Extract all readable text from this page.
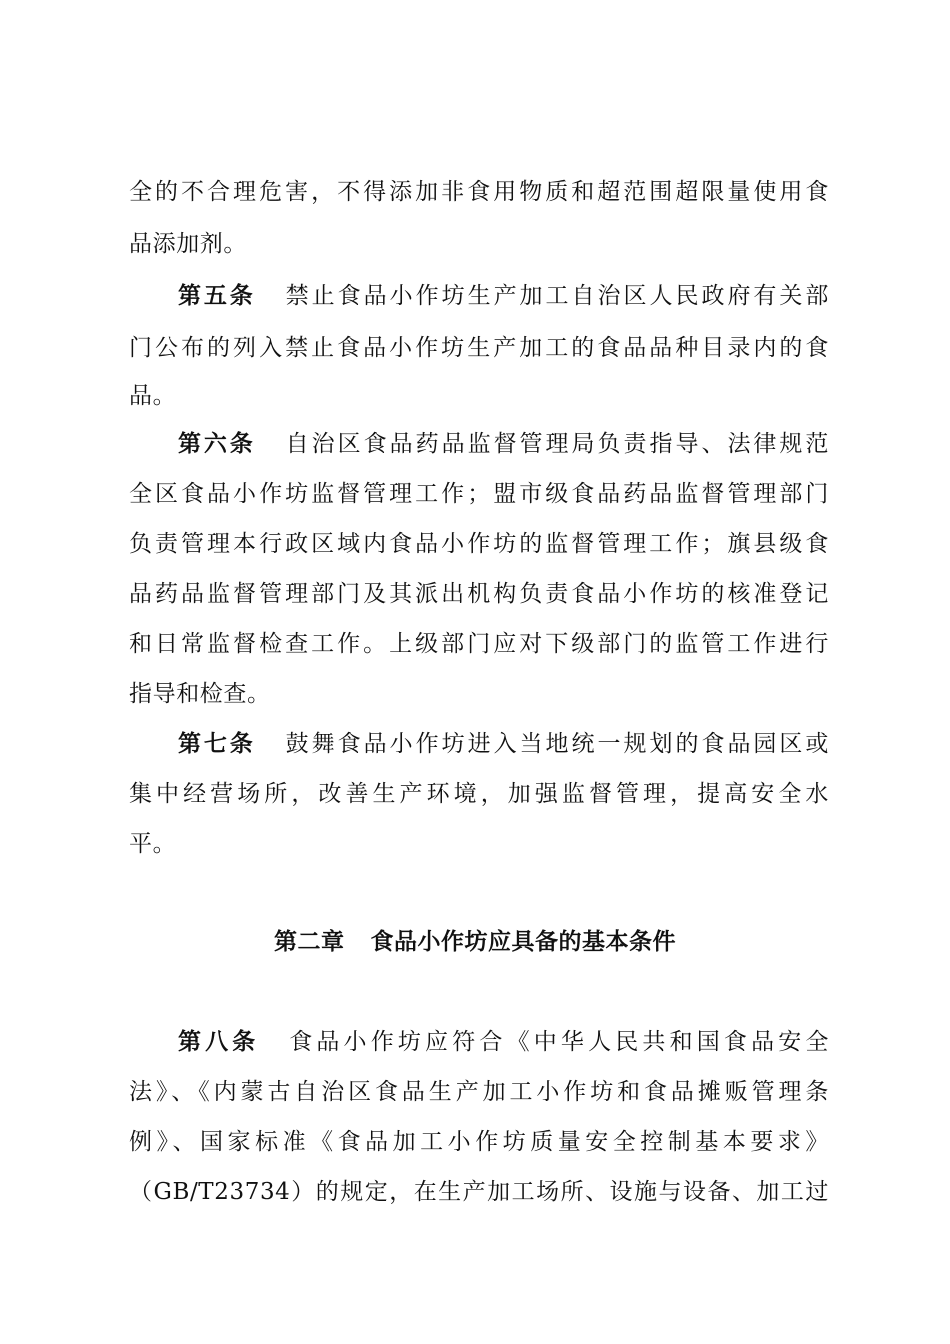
全的不合理危害，不得添加非食用物质和超范围超限量使用食
品添加剂。
第五条 禁止食品小作坊生产加工自治区人民政府有关部
门公布的列入禁止食品小作坊生产加工的食品品种目录内的食
品。
第六条 自治区食品药品监督管理局负责指导、法律规范
全区食品小作坊监督管理工作；盟市级食品药品监督管理部门
负责管理本行政区域内食品小作坊的监督管理工作；旗县级食
品药品监督管理部门及其派出机构负责食品小作坊的核准登记
和日常监督检查工作。上级部门应对下级部门的监管工作进行
指导和检查。
第七条 鼓舞食品小作坊进入当地统一规划的食品园区或
集中经营场所，改善生产环境，加强监督管理，提高安全水
平。
第二章 食品小作坊应具备的基本条件
第八条 食品小作坊应符合《中华人民共和国食品安全
法》、《内蒙古自治区食品生产加工小作坊和食品摊贩管理条
例》、国家标准《食品加工小作坊质量安全控制基本要求》
（GB/T23734）的规定，在生产加工场所、设施与设备、加工过
